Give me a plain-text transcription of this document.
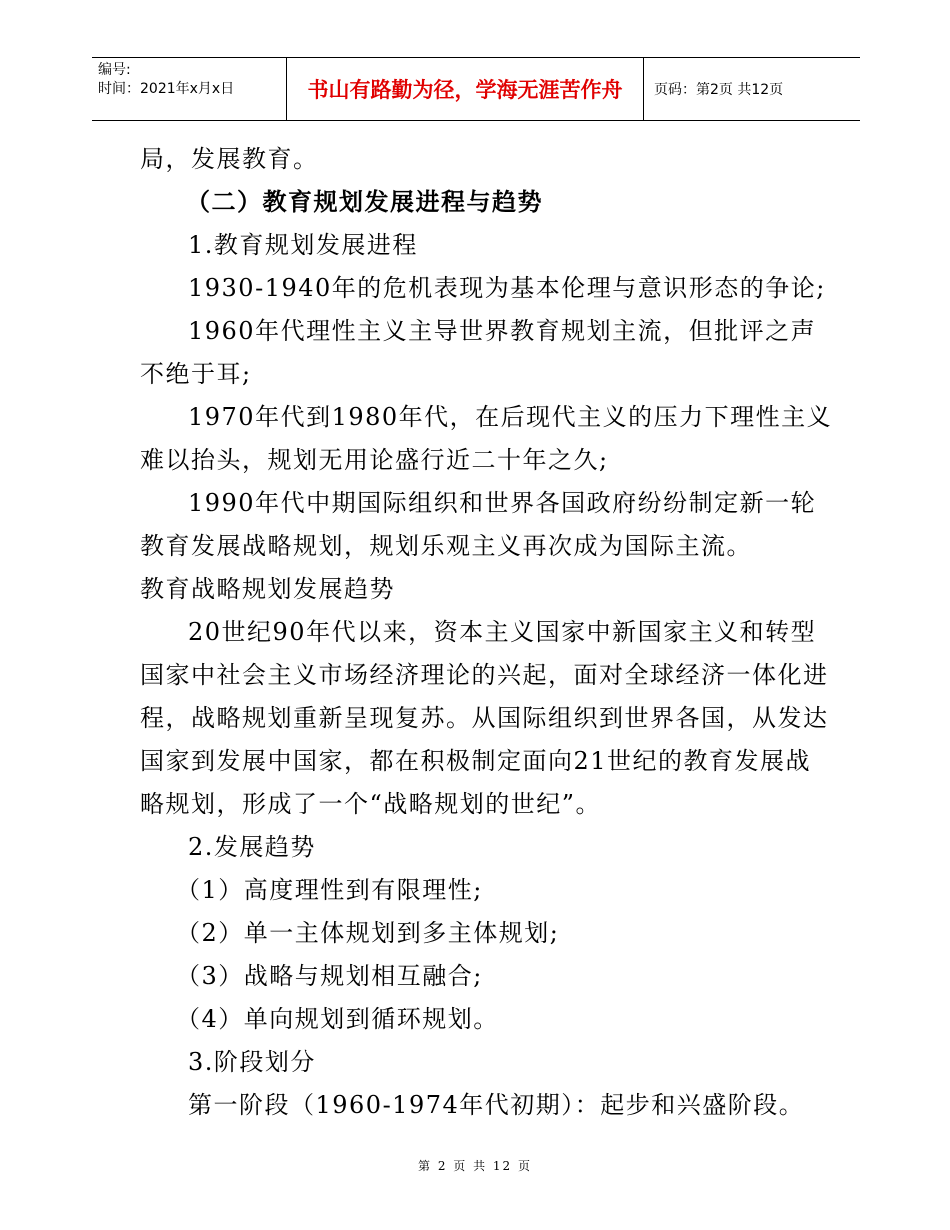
编号:
时间：2021年x月x日	书山有路勤为径，学海无涯苦作舟	页码：第2页 共12页

局，发展教育。

（二）教育规划发展进程与趋势

1.教育规划发展进程

1930-1940年的危机表现为基本伦理与意识形态的争论;

1960年代理性主义主导世界教育规划主流，但批评之声

不绝于耳;

1970年代到1980年代，在后现代主义的压力下理性主义

难以抬头，规划无用论盛行近二十年之久;

1990年代中期国际组织和世界各国政府纷纷制定新一轮

教育发展战略规划，规划乐观主义再次成为国际主流。

教育战略规划发展趋势

20世纪90年代以来，资本主义国家中新国家主义和转型

国家中社会主义市场经济理论的兴起，面对全球经济一体化进

程，战略规划重新呈现复苏。从国际组织到世界各国，从发达

国家到发展中国家，都在积极制定面向21世纪的教育发展战

略规划，形成了一个“战略规划的世纪”。

2.发展趋势

（1）高度理性到有限理性;

（2）单一主体规划到多主体规划;

（3）战略与规划相互融合;

（4）单向规划到循环规划。

3.阶段划分

第一阶段（1960-1974年代初期）：起步和兴盛阶段。

第 2 页 共 12 页
